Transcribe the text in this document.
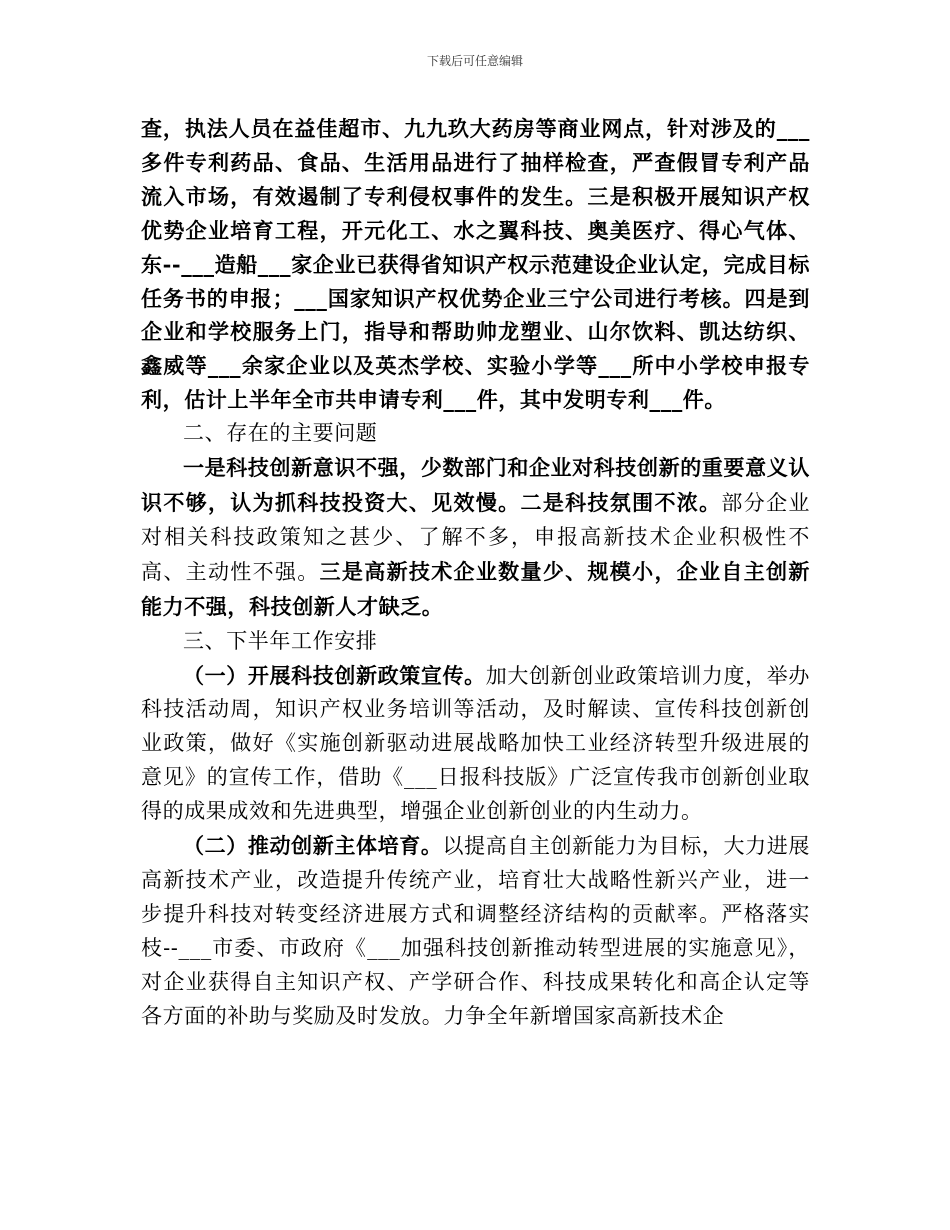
下载后可任意编辑

查，执法人员在益佳超市、九九玖大药房等商业网点，针对涉及的___多件专利药品、食品、生活用品进行了抽样检查，严查假冒专利产品流入市场，有效遏制了专利侵权事件的发生。三是积极开展知识产权优势企业培育工程，开元化工、水之翼科技、奥美医疗、得心气体、东--___造船___家企业已获得省知识产权示范建设企业认定，完成目标任务书的申报；___国家知识产权优势企业三宁公司进行考核。四是到企业和学校服务上门，指导和帮助帅龙塑业、山尔饮料、凯达纺织、鑫威等___余家企业以及英杰学校、实验小学等___所中小学校申报专利，估计上半年全市共申请专利___件，其中发明专利___件。

二、存在的主要问题

一是科技创新意识不强，少数部门和企业对科技创新的重要意义认识不够，认为抓科技投资大、见效慢。二是科技氛围不浓。部分企业对相关科技政策知之甚少、了解不多，申报高新技术企业积极性不高、主动性不强。三是高新技术企业数量少、规模小，企业自主创新能力不强，科技创新人才缺乏。

三、下半年工作安排

（一）开展科技创新政策宣传。加大创新创业政策培训力度，举办科技活动周，知识产权业务培训等活动，及时解读、宣传科技创新创业政策，做好《实施创新驱动进展战略加快工业经济转型升级进展的意见》的宣传工作，借助《___日报科技版》广泛宣传我市创新创业取得的成果成效和先进典型，增强企业创新创业的内生动力。

（二）推动创新主体培育。以提高自主创新能力为目标，大力进展高新技术产业，改造提升传统产业，培育壮大战略性新兴产业，进一步提升科技对转变经济进展方式和调整经济结构的贡献率。严格落实枝--___市委、市政府《___加强科技创新推动转型进展的实施意见》，对企业获得自主知识产权、产学研合作、科技成果转化和高企认定等各方面的补助与奖励及时发放。力争全年新增国家高新技术企
